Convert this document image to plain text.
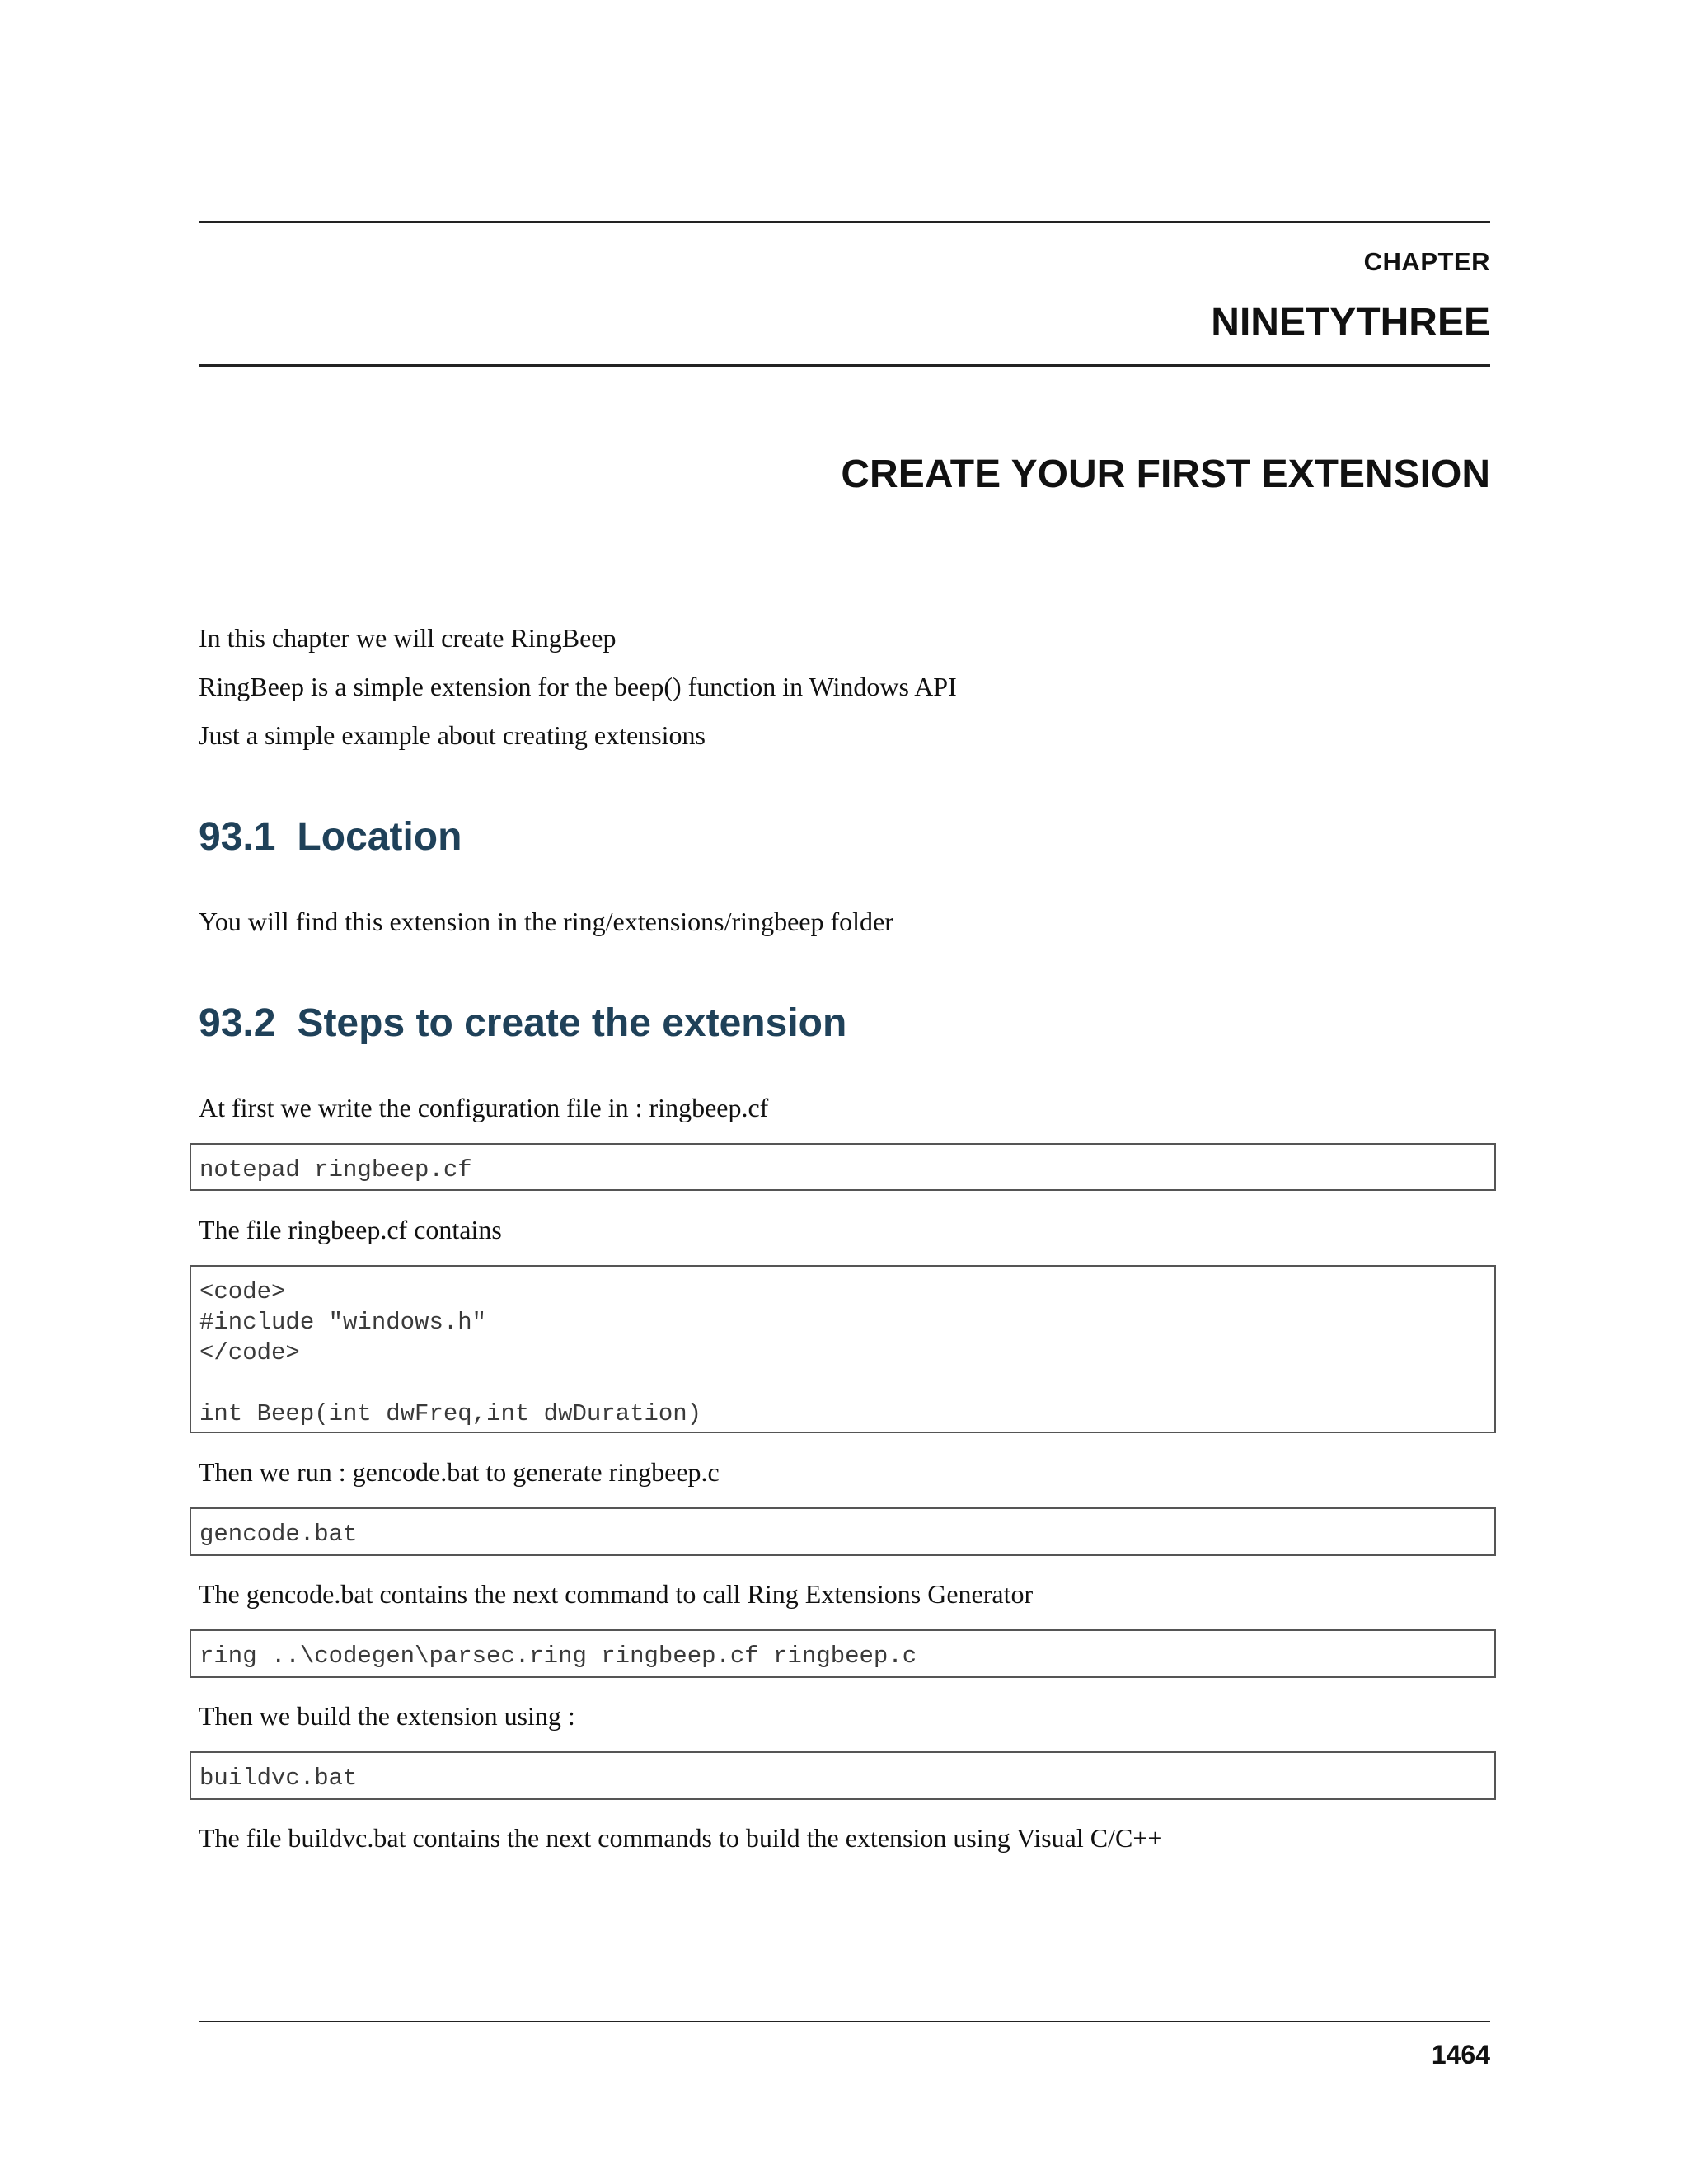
CHAPTER
NINETYTHREE
CREATE YOUR FIRST EXTENSION
In this chapter we will create RingBeep
RingBeep is a simple extension for the beep() function in Windows API
Just a simple example about creating extensions
93.1 Location
You will find this extension in the ring/extensions/ringbeep folder
93.2 Steps to create the extension
At first we write the configuration file in : ringbeep.cf
notepad ringbeep.cf
The file ringbeep.cf contains
<code>
#include "windows.h"
</code>

int Beep(int dwFreq,int dwDuration)
Then we run : gencode.bat to generate ringbeep.c
gencode.bat
The gencode.bat contains the next command to call Ring Extensions Generator
ring ..\codegen\parsec.ring ringbeep.cf ringbeep.c
Then we build the extension using :
buildvc.bat
The file buildvc.bat contains the next commands to build the extension using Visual C/C++
1464
